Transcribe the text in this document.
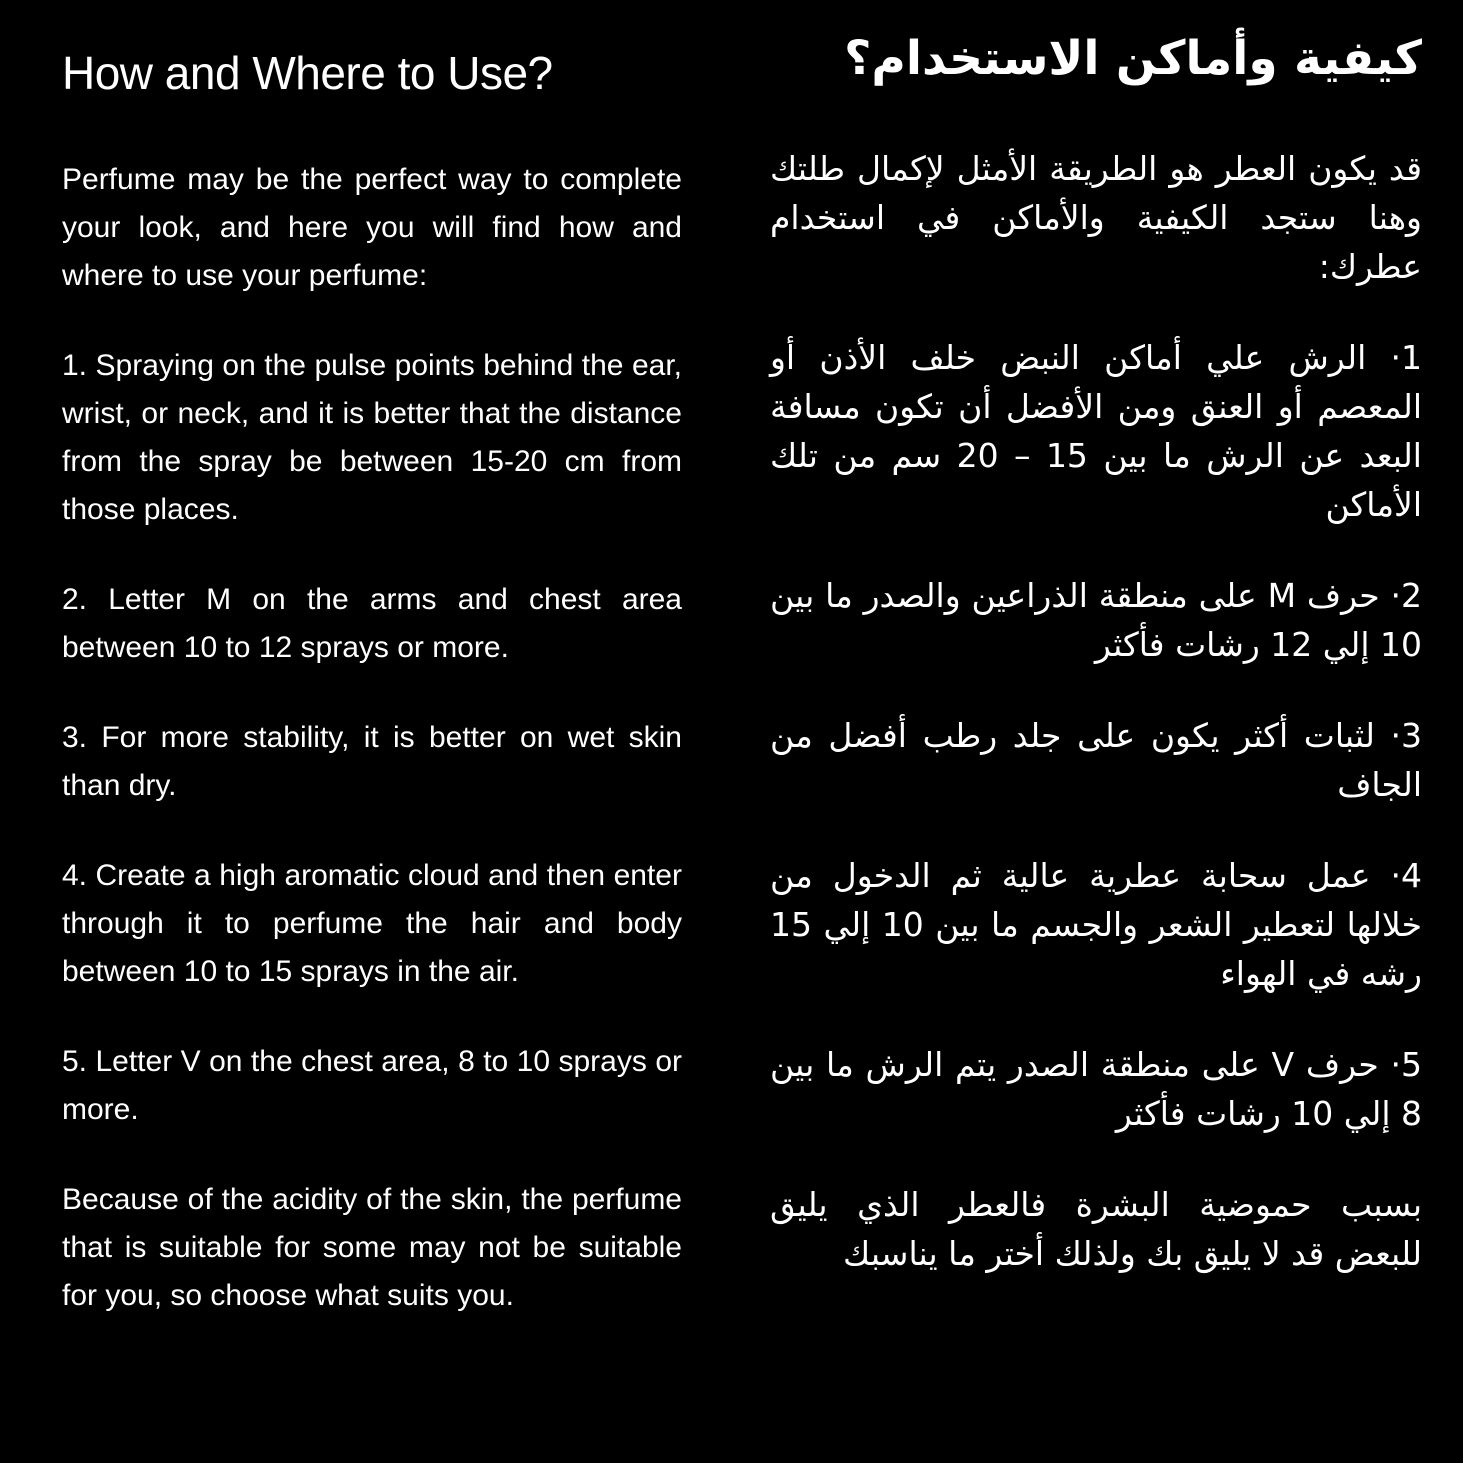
How and Where to Use?

Perfume may be the perfect way to complete your look, and here you will find how and where to use your perfume:

1. Spraying on the pulse points behind the ear, wrist, or neck, and it is better that the distance from the spray be between 15-20 cm from those places.

2. Letter M on the arms and chest area between 10 to 12 sprays or more.

3. For more stability, it is better on wet skin than dry.

4. Create a high aromatic cloud and then enter through it to perfume the hair and body between 10 to 15 sprays in the air.

5. Letter V on the chest area, 8 to 10 sprays or more.

Because of the acidity of the skin, the perfume that is suitable for some may not be suitable for you, so choose what suits you.

كيفية وأماكن الاستخدام؟

قد يكون العطر هو الطريقة الأمثل لإكمال طلتك وهنا ستجد الكيفية والأماكن في استخدام عطرك:

1· الرش علي أماكن النبض خلف الأذن أو المعصم أو العنق ومن الأفضل أن تكون مسافة البعد عن الرش ما بين 15 – 20 سم من تلك الأماكن

2· حرف M على منطقة الذراعين والصدر ما بين 10 إلي 12 رشات فأكثر

3· لثبات أكثر يكون على جلد رطب أفضل من الجاف

4· عمل سحابة عطرية عالية ثم الدخول من خلالها لتعطير الشعر والجسم ما بين 10 إلي 15 رشه في الهواء

5· حرف V على منطقة الصدر يتم الرش ما بين 8 إلي 10 رشات فأكثر

بسبب حموضية البشرة فالعطر الذي يليق للبعض قد لا يليق بك ولذلك أختر ما يناسبك
